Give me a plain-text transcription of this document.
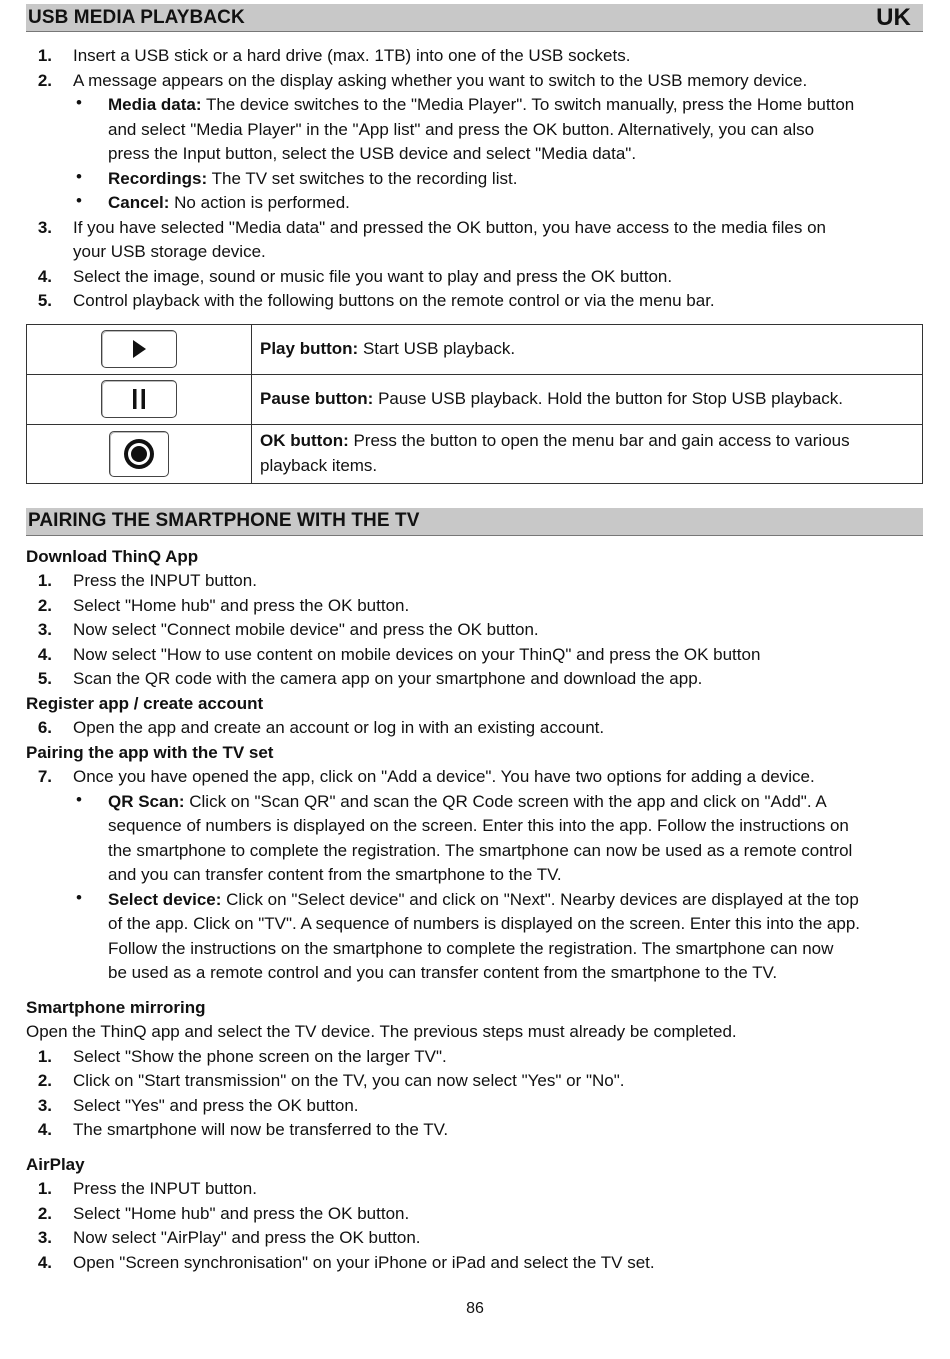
USB MEDIA PLAYBACK	UK
1. Insert a USB stick or a hard drive (max. 1TB) into one of the USB sockets.
2. A message appears on the display asking whether you want to switch to the USB memory device.
•	Media data: The device switches to the "Media Player". To switch manually, press the Home button
and select "Media Player" in the "App list" and press the OK button. Alternatively, you can also
press the Input button, select the USB device and select "Media data".
•	Recordings: The TV set switches to the recording list.
•	Cancel: No action is performed.
3. If you have selected "Media data" and pressed the OK button, you have access to the media files on
your USB storage device.
4. Select the image, sound or music file you want to play and press the OK button.
5. Control playback with the following buttons on the remote control or via the menu bar.
	Play button: Start USB playback.

	Pause button: Pause USB playback. Hold the button for Stop USB playback.

OK button: Press the button to open the menu bar and gain access to various
playback items.
PAIRING THE SMARTPHONE WITH THE TV
Download ThinQ App
1. Press the INPUT button.
2. Select "Home hub" and press the OK button.
3. Now select "Connect mobile device" and press the OK button.
4. Now select "How to use content on mobile devices on your ThinQ" and press the OK button
5. Scan the QR code with the camera app on your smartphone and download the app.
Register app / create account
6. Open the app and create an account or log in with an existing account.
Pairing the app with the TV set
7. Once you have opened the app, click on "Add a device". You have two options for adding a device.
•	QR Scan: Click on "Scan QR" and scan the QR Code screen with the app and click on "Add". A
sequence of numbers is displayed on the screen. Enter this into the app. Follow the instructions on
the smartphone to complete the registration. The smartphone can now be used as a remote control
and you can transfer content from the smartphone to the TV.
•	Select device: Click on "Select device" and click on "Next". Nearby devices are displayed at the top
of the app. Click on "TV". A sequence of numbers is displayed on the screen. Enter this into the app.
Follow the instructions on the smartphone to complete the registration. The smartphone can now
be used as a remote control and you can transfer content from the smartphone to the TV.
Smartphone mirroring
Open the ThinQ app and select the TV device. The previous steps must already be completed.
1. Select "Show the phone screen on the larger TV".
2. Click on "Start transmission" on the TV, you can now select "Yes" or "No".
3. Select "Yes" and press the OK button.
4. The smartphone will now be transferred to the TV.
AirPlay
1. Press the INPUT button.
2. Select "Home hub" and press the OK button.
3. Now select "AirPlay" and press the OK button.
4. Open "Screen synchronisation" on your iPhone or iPad and select the TV set.
86
